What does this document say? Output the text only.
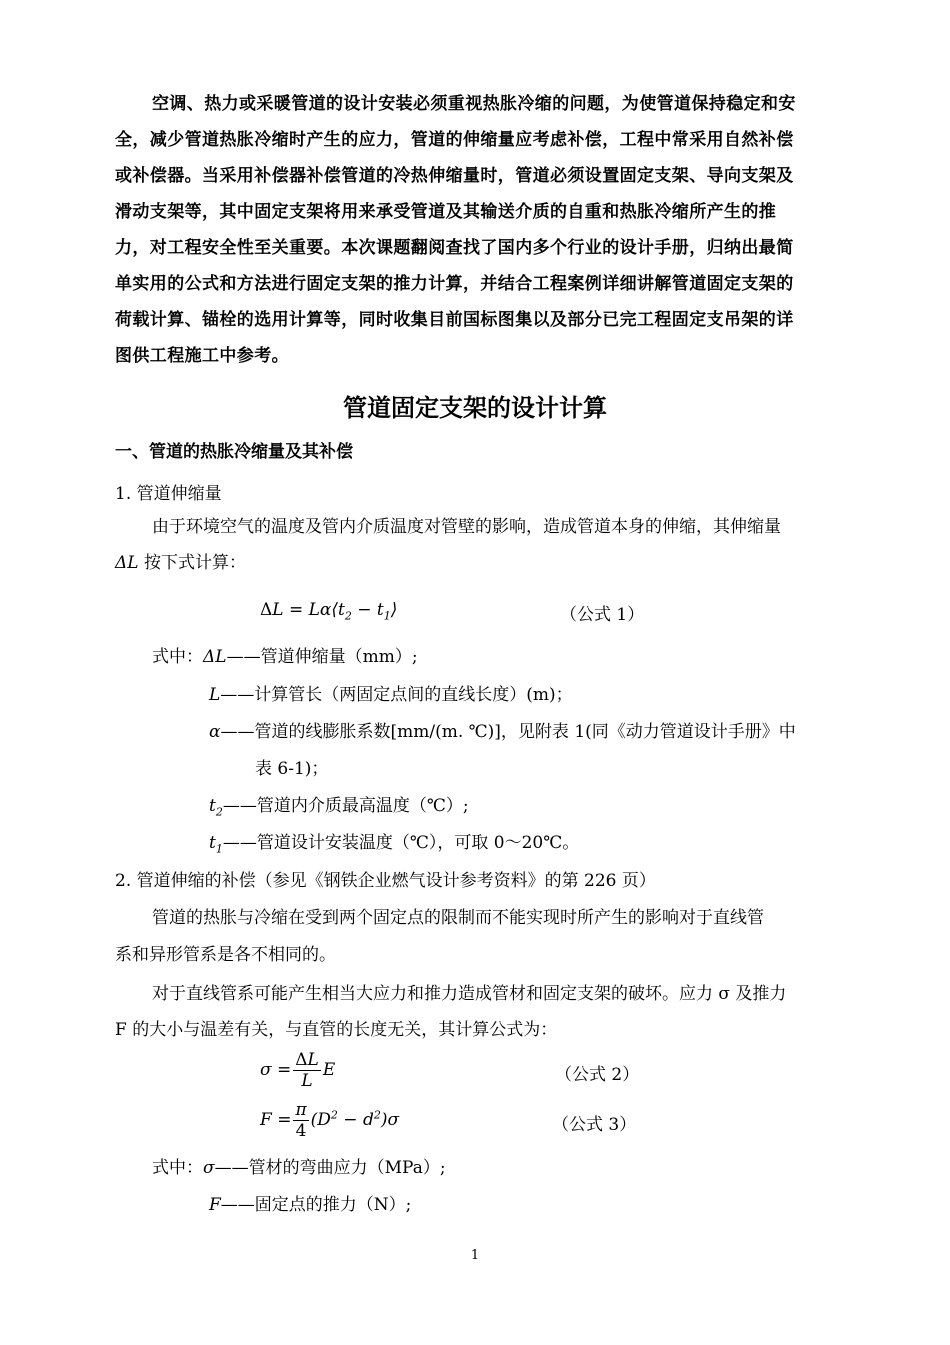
空调、热力或采暖管道的设计安装必须重视热胀冷缩的问题，为使管道保持稳定和安
全，减少管道热胀冷缩时产生的应力，管道的伸缩量应考虑补偿，工程中常采用自然补偿
或补偿器。当采用补偿器补偿管道的冷热伸缩量时，管道必须设置固定支架、导向支架及
滑动支架等，其中固定支架将用来承受管道及其输送介质的自重和热胀冷缩所产生的推
力，对工程安全性至关重要。本次课题翻阅查找了国内多个行业的设计手册，归纳出最简
单实用的公式和方法进行固定支架的推力计算，并结合工程案例详细讲解管道固定支架的
荷载计算、锚栓的选用计算等，同时收集目前国标图集以及部分已完工程固定支吊架的详
图供工程施工中参考。
管道固定支架的设计计算
一、管道的热胀冷缩量及其补偿
1. 管道伸缩量
由于环境空气的温度及管内介质温度对管壁的影响，造成管道本身的伸缩，其伸缩量
ΔL 按下式计算：
$\Delta L = L\alpha⟨t_2$ − $t_1⟩$	（公式 1）
式中：ΔL——管道伸缩量（mm）;
L——计算管长（两固定点间的直线长度）(m)；
α——管道的线膨胀系数[mm/(m. ℃)]，见附表 1(同《动力管道设计手册》中
表 6-1)；
$t_2——$管道内介质最高温度（℃）;
$t_1——$管道设计安装温度（℃），可取 0～20℃。
2. 管道伸缩的补偿（参见《钢铁企业燃气设计参考资料》的第 226 页）
管道的热胀与冷缩在受到两个固定点的限制而不能实现时所产生的影响对于直线管
系和异形管系是各不相同的。
对于直线管系可能产生相当大应力和推力造成管材和固定支架的破坏。应力 σ 及推力
F 的大小与温差有关，与直管的长度无关，其计算公式为：
$\sigma = \frac{\Delta L}{L}$ E	（公式 2）
$F = \frac{\pi}{4} (D^2 - d^2)\sigma$	（公式 3）
式中：σ——管材的弯曲应力（MPa）;
F——固定点的推力（N）;
1
